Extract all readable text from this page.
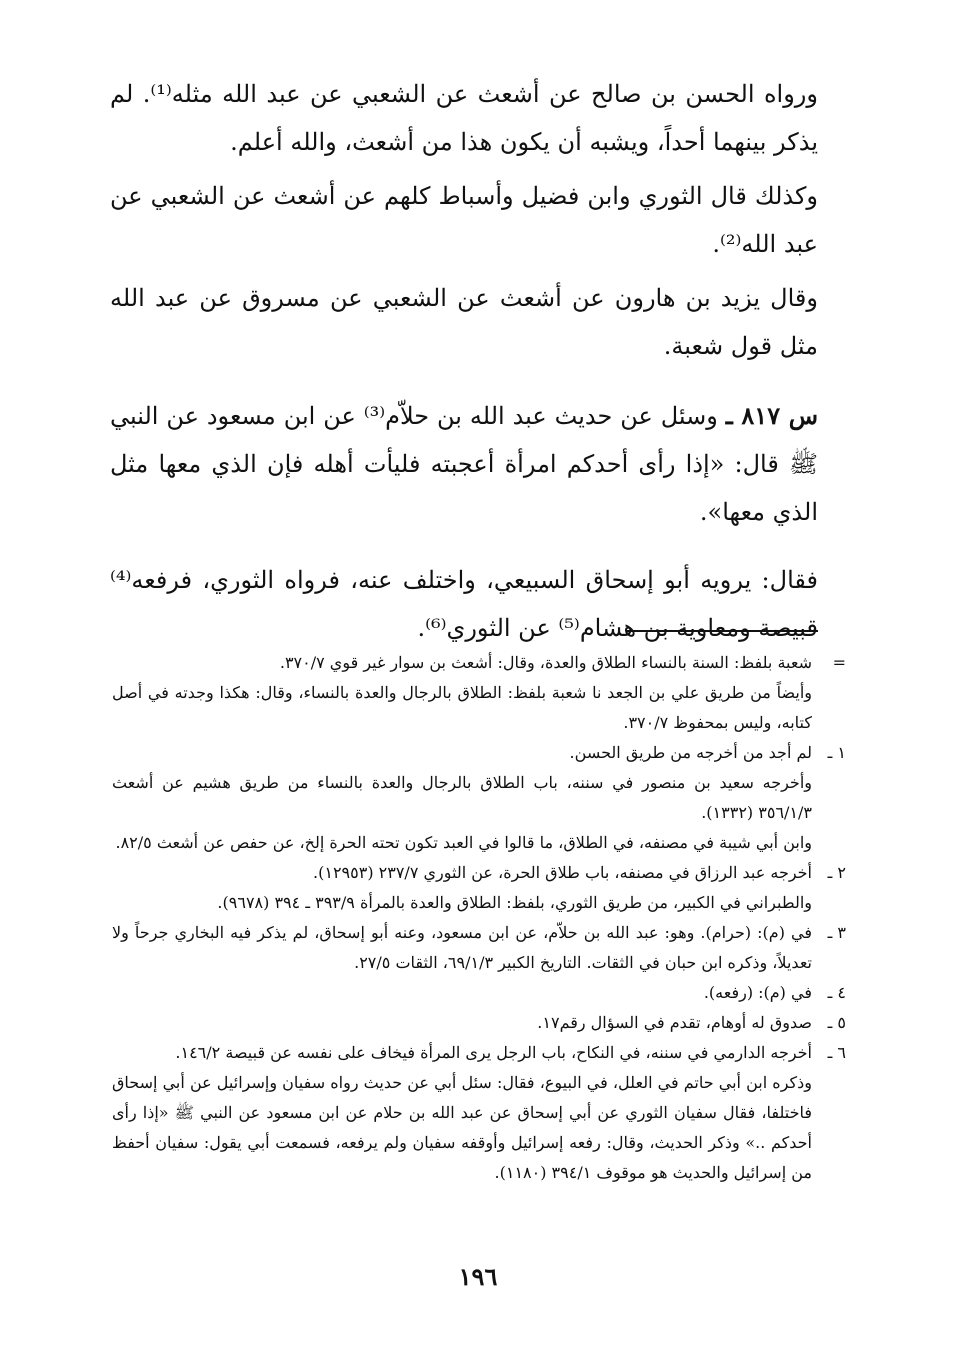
ورواه الحسن بن صالح عن أشعث عن الشعبي عن عبد الله مثله⁽¹⁾. لم يذكر بينهما أحداً، ويشبه أن يكون هذا من أشعث، والله أعلم.

وكذلك قال الثوري وابن فضيل وأسباط كلهم عن أشعث عن الشعبي عن عبد الله⁽²⁾.

وقال يزيد بن هارون عن أشعث عن الشعبي عن مسروق عن عبد الله مثل قول شعبة.

س ٨١٧ ـ وسئل عن حديث عبد الله بن حلاّم⁽³⁾ عن ابن مسعود عن النبي ﷺ قال: «إذا رأى أحدكم امرأة أعجبته فليأت أهله فإن الذي معها مثل الذي معها».

فقال: يرويه أبو إسحاق السبيعي، واختلف عنه، فرواه الثوري، فرفعه⁽⁴⁾ قبيصة ومعاوية بن هشام⁽⁵⁾ عن الثوري⁽⁶⁾.

=
شعبة بلفظ: السنة بالنساء الطلاق والعدة، وقال: أشعث بن سوار غير قوي ٣٧٠/٧.
وأيضاً من طريق علي بن الجعد نا شعبة بلفظ: الطلاق بالرجال والعدة بالنساء، وقال: هكذا وجدته في أصل كتابه، وليس بمحفوظ ٣٧٠/٧.
١ ـ
لم أجد من أخرجه من طريق الحسن.
وأخرجه سعيد بن منصور في سننه، باب الطلاق بالرجال والعدة بالنساء من طريق هشيم عن أشعث ٣٥٦/١/٣ (١٣٣٢).
وابن أبي شيبة في مصنفه، في الطلاق، ما قالوا في العبد تكون تحته الحرة إلخ، عن حفص عن أشعث ٨٢/٥.
٢ ـ
أخرجه عبد الرزاق في مصنفه، باب طلاق الحرة، عن الثوري ٢٣٧/٧ (١٢٩٥٣).
والطبراني في الكبير، من طريق الثوري، بلفظ: الطلاق والعدة بالمرأة ٣٩٣/٩ ـ ٣٩٤ (٩٦٧٨).
٣ ـ
في (م): (حرام). وهو: عبد الله بن حلاّم، عن ابن مسعود، وعنه أبو إسحاق، لم يذكر فيه البخاري جرحاً ولا تعديلاً، وذكره ابن حبان في الثقات. التاريخ الكبير ٦٩/١/٣، الثقات ٢٧/٥.
٤ ـ
في (م): (رفعه).
٥ ـ
صدوق له أوهام، تقدم في السؤال رقم١٧.
٦ ـ
أخرجه الدارمي في سننه، في النكاح، باب الرجل يرى المرأة فيخاف على نفسه عن قبيصة ١٤٦/٢.
وذكره ابن أبي حاتم في العلل، في البيوع، فقال: سئل أبي عن حديث رواه سفيان وإسرائيل عن أبي إسحاق فاختلفا، فقال سفيان الثوري عن أبي إسحاق عن عبد الله بن حلام عن ابن مسعود عن النبي ﷺ «إذا رأى أحدكم ..» وذكر الحديث، وقال: رفعه إسرائيل وأوقفه سفيان ولم يرفعه، فسمعت أبي يقول: سفيان أحفظ من إسرائيل والحديث هو موقوف ٣٩٤/١ (١١٨٠).
١٩٦
